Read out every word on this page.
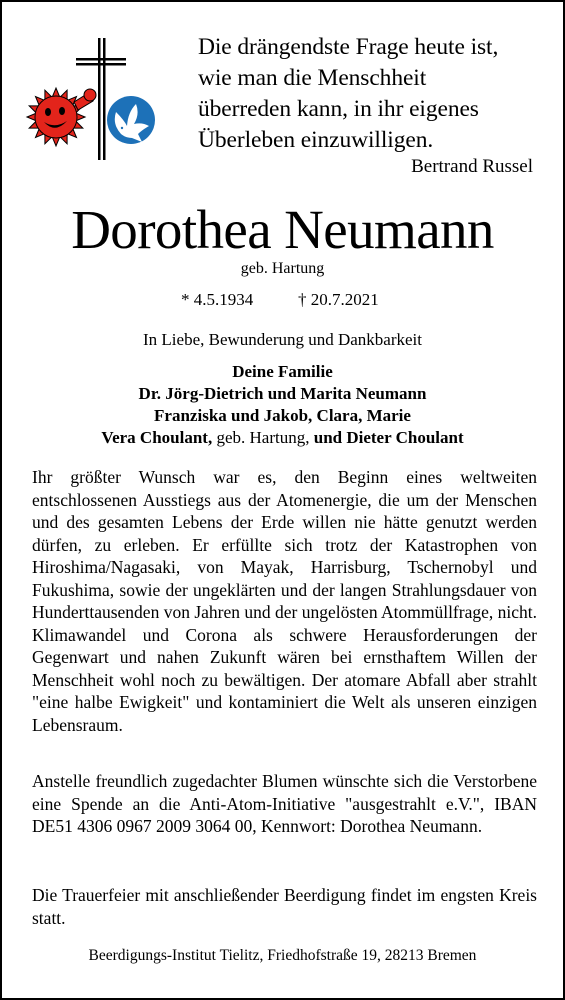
Die drängendste Frage heute ist,
wie man die Menschheit
überreden kann, in ihr eigenes
Überleben einzuwilligen.
Bertrand Russel
Dorothea Neumann
geb. Hartung
* 4.5.1934	† 20.7.2021
In Liebe, Bewunderung und Dankbarkeit
Deine Familie
Dr. Jörg-Dietrich und Marita Neumann
Franziska und Jakob, Clara, Marie
Vera Choulant, geb. Hartung, und Dieter Choulant

Ihr größter Wunsch war es, den Beginn eines weltweiten entschlossenen Ausstiegs aus der Atomenergie, die um der Menschen und des gesamten Lebens der Erde willen nie hätte genutzt werden dürfen, zu erleben. Er erfüllte sich trotz der Katastrophen von Hiroshima/Nagasaki, von Mayak, Harrisburg, Tschernobyl und Fukushima, sowie der ungeklärten und der langen Strahlungsdauer von Hunderttausenden von Jahren und der ungelösten Atommüllfrage, nicht. Klimawandel und Corona als schwere Herausforderungen der Gegenwart und nahen Zukunft wären bei ernsthaftem Willen der Menschheit wohl noch zu bewältigen. Der atomare Abfall aber strahlt "eine halbe Ewigkeit" und kontaminiert die Welt als unseren einzigen Lebensraum.

Anstelle freundlich zugedachter Blumen wünschte sich die Verstorbene eine Spende an die Anti-Atom-Initiative "ausgestrahlt e.V.", IBAN DE51 4306 0967 2009 3064 00, Kennwort: Dorothea Neumann.

Die Trauerfeier mit anschließender Beerdigung findet im engsten Kreis statt.

Beerdigungs-Institut Tielitz, Friedhofstraße 19, 28213 Bremen
